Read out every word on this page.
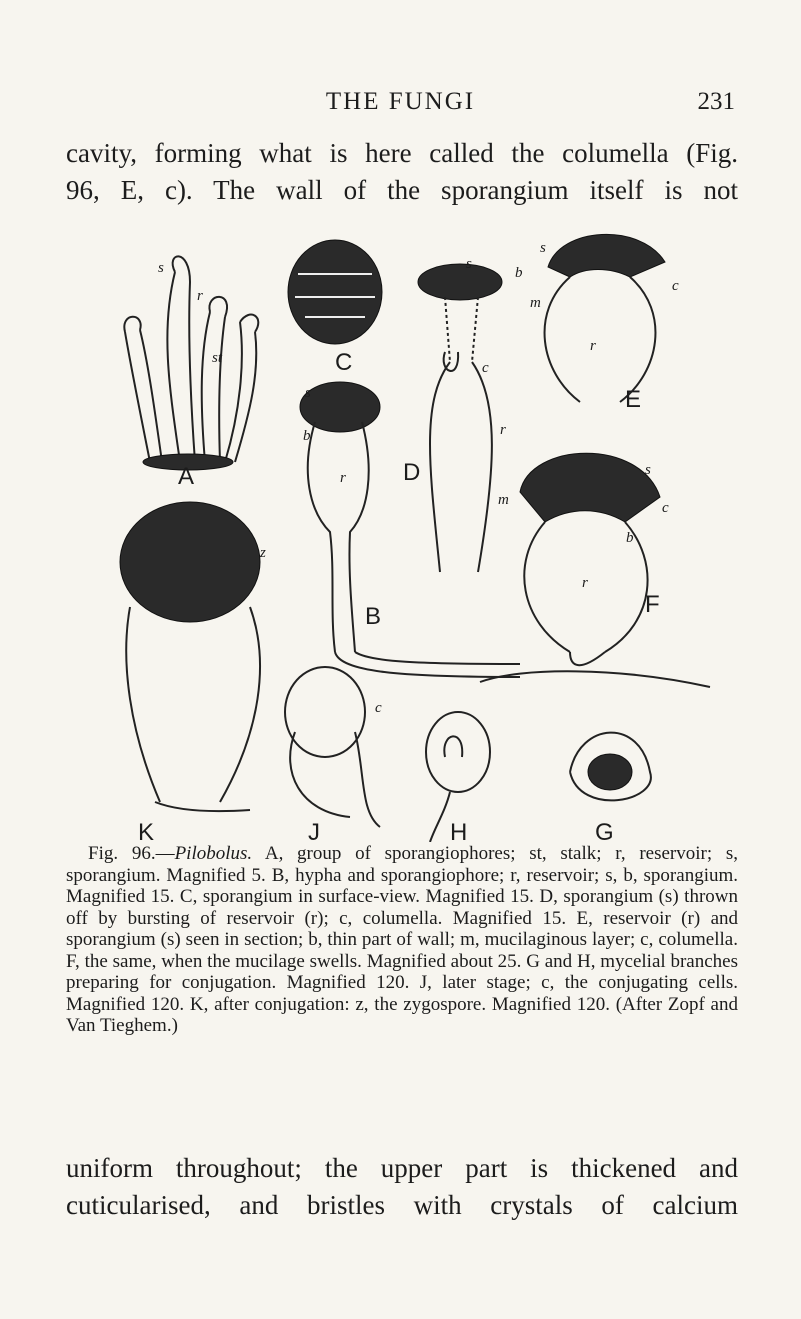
THE FUNGI	231

cavity, forming what is here called the columella (Fig.
96, E, c). The wall of the sporangium itself is not

A
s
r
st	C
B
s
b
r D
s
c
r
E
s
b
m
c
r
F
s
m	c
b
r
K
z
J
c
H	G

Fig. 96.—Pilobolus. A, group of sporangiophores; st, stalk; r, reservoir; s, sporangium. Magnified 5. B, hypha and sporangiophore; r, reservoir; s, b, sporangium. Magnified 15. C, sporangium in surface-view. Magnified 15. D, sporangium (s) thrown off by bursting of reservoir (r); c, columella. Magnified 15. E, reservoir (r) and sporangium (s) seen in section; b, thin part of wall; m, mucilaginous layer; c, columella. F, the same, when the mucilage swells. Magnified about 25. G and H, mycelial branches preparing for conjugation. Magnified 120. J, later stage; c, the conjugating cells. Magnified 120. K, after conjugation: z, the zygospore. Magnified 120. (After Zopf and Van Tieghem.)

uniform throughout; the upper part is thickened and
cuticularised, and bristles with crystals of calcium
